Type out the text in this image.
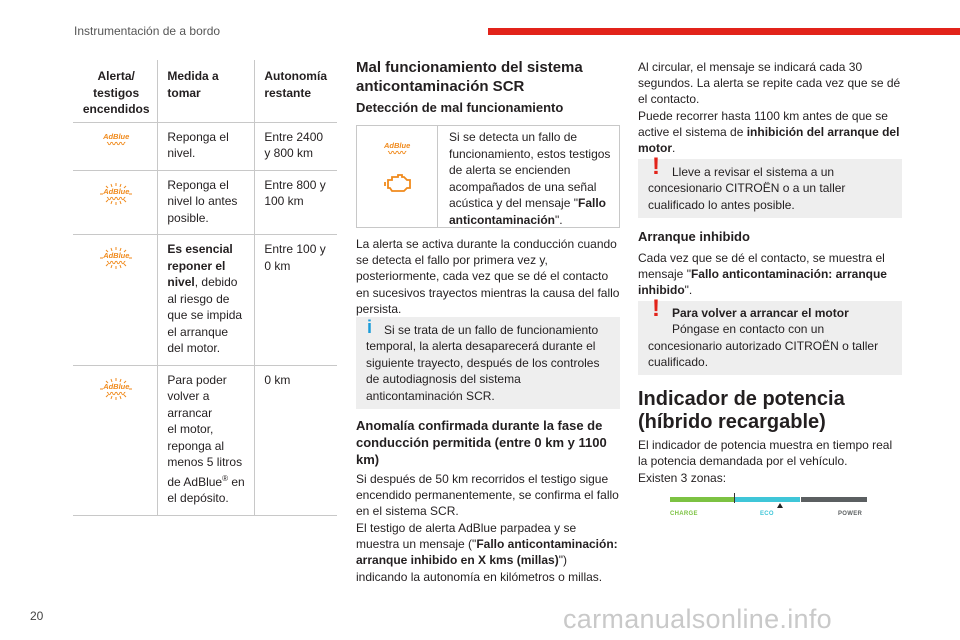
Instrumentación de a bordo
Alerta/ testigos encendidos	Medida a tomar	Autonomía restante
AdBlue
〰〰	Reponga el nivel.	Entre 2400 y 800 km

AdBlue
〰〰	Reponga el nivel lo antes posible.	Entre 800 y 100 km

AdBlue
〰〰	Es esencial reponer el nivel, debido al riesgo de que se impida el arranque del motor.	Entre 100 y 0 km

AdBlue
〰〰	Para poder volver a arrancar
el motor,
reponga al menos 5 litros de AdBlue® en el depósito.	0 km
Mal funcionamiento del sistema anticontaminación SCR
Detección de mal funcionamiento
AdBlue
〰〰
Si se detecta un fallo de funcionamiento, estos testigos de alerta se encienden acompañados de una señal acústica y del mensaje "Fallo anticontaminación".

La alerta se activa durante la conducción cuando se detecta el fallo por primera vez y, posteriormente, cada vez que se dé el contacto en sucesivos trayectos mientras la causa del fallo persista.

i Si se trata de un fallo de funcionamiento temporal, la alerta desaparecerá durante el siguiente trayecto, después de los controles de autodiagnosis del sistema anticontaminación SCR.
Anomalía confirmada durante la fase de conducción permitida (entre 0 km y 1100 km)

Si después de 50 km recorridos el testigo sigue encendido permanentemente, se confirma el fallo en el sistema SCR.

El testigo de alerta AdBlue parpadea y se muestra un mensaje ("Fallo anticontaminación: arranque inhibido en X kms (millas)") indicando la autonomía en kilómetros o millas.

Al circular, el mensaje se indicará cada 30 segundos. La alerta se repite cada vez que se dé el contacto.

Puede recorrer hasta 1100 km antes de que se active el sistema de inhibición del arranque del motor.

! Lleve a revisar el sistema a un concesionario CITROËN o a un taller cualificado lo antes posible.
Arranque inhibido

Cada vez que se dé el contacto, se muestra el mensaje "Fallo anticontaminación: arranque inhibido".

! Para volver a arrancar el motor
Póngase en contacto con un concesionario autorizado CITROËN o taller cualificado.
Indicador de potencia (híbrido recargable)

El indicador de potencia muestra en tiempo real la potencia demandada por el vehículo.

Existen 3 zonas:

CHARGE	ECO	POWER
20	carmanualsonline.info
